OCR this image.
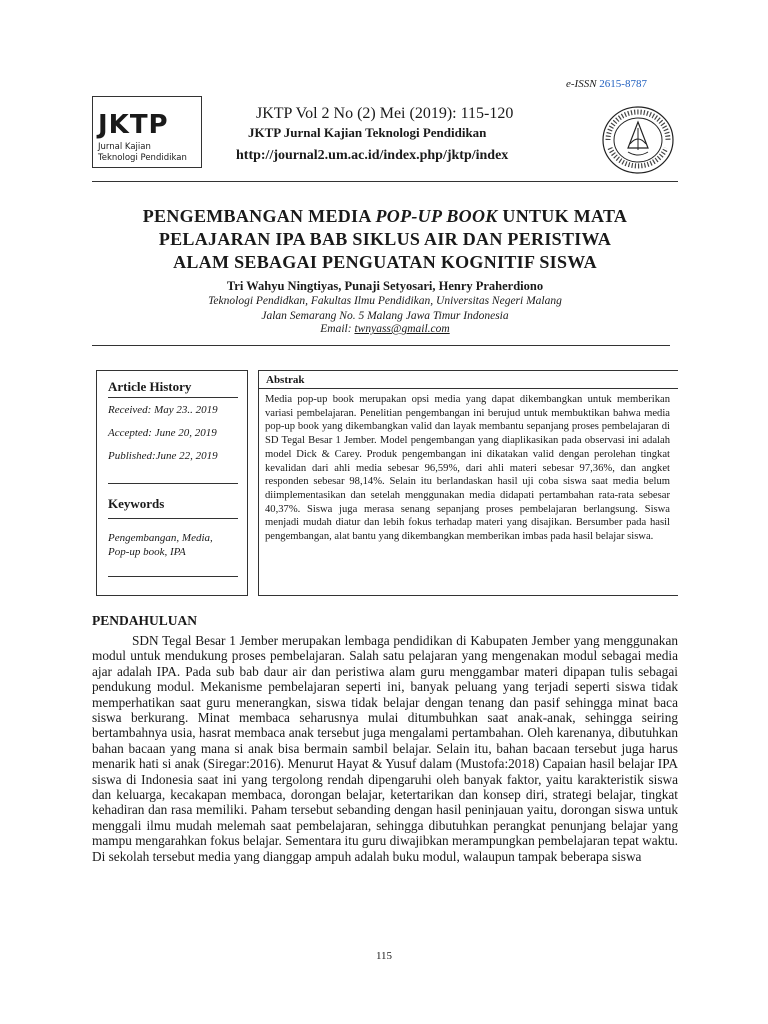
e-ISSN 2615-8787
JKTP
Jurnal Kajian
Teknologi Pendidikan
JKTP Vol 2 No (2) Mei (2019): 115-120
JKTP Jurnal Kajian Teknologi Pendidikan
http://journal2.um.ac.id/index.php/jktp/index
PENGEMBANGAN MEDIA POP-UP BOOK UNTUK MATA
PELAJARAN IPA BAB SIKLUS AIR DAN PERISTIWA
ALAM SEBAGAI PENGUATAN KOGNITIF SISWA
Tri Wahyu Ningtiyas, Punaji Setyosari, Henry Praherdiono
Teknologi Pendidkan, Fakultas Ilmu Pendidikan, Universitas Negeri Malang
Jalan Semarang No. 5 Malang Jawa Timur Indonesia
Email: twnyass@gmail.com
Article History
Received: May 23.. 2019
Accepted: June 20, 2019
Published:June 22, 2019
Keywords
Pengembangan, Media,
Pop-up book, IPA
Abstrak
Media pop-up book merupakan opsi media yang dapat dikembangkan untuk memberikan variasi pembelajaran. Penelitian pengembangan ini berujud untuk membuktikan bahwa media pop-up book yang dikembangkan valid dan layak membantu sepanjang proses pembelajaran di SD Tegal Besar 1 Jember. Model pengembangan yang diaplikasikan pada observasi ini adalah model Dick & Carey. Produk pengembangan ini dikatakan valid dengan perolehan tingkat kevalidan dari ahli media sebesar 96,59%, dari ahli materi sebesar 97,36%, dan angket responden sebesar 98,14%. Selain itu berlandaskan hasil uji coba siswa saat media belum diimplementasikan dan setelah menggunakan media didapati pertambahan rata-rata sebesar 40,37%. Siswa juga merasa senang sepanjang proses pembelajaran berlangsung. Siswa menjadi mudah diatur dan lebih fokus terhadap materi yang disajikan. Bersumber pada hasil pengembangan, alat bantu yang dikembangkan memberikan imbas pada hasil belajar siswa.
PENDAHULUAN

SDN Tegal Besar 1 Jember merupakan lembaga pendidikan di Kabupaten Jember yang menggunakan modul untuk mendukung proses pembelajaran. Salah satu pelajaran yang mengenakan modul sebagai media ajar adalah IPA. Pada sub bab daur air dan peristiwa alam guru menggambar materi dipapan tulis sebagai pendukung modul. Mekanisme pembelajaran seperti ini, banyak peluang yang terjadi seperti siswa tidak memperhatikan saat guru menerangkan, siswa tidak belajar dengan tenang dan pasif sehingga minat baca siswa berkurang. Minat membaca seharusnya mulai ditumbuhkan saat anak-anak, sehingga seiring bertambahnya usia, hasrat membaca anak tersebut juga mengalami pertambahan. Oleh karenanya, dibutuhkan bahan bacaan yang mana si anak bisa bermain sambil belajar. Selain itu, bahan bacaan tersebut juga harus menarik hati si anak (Siregar:2016). Menurut Hayat & Yusuf dalam (Mustofa:2018) Capaian hasil belajar IPA siswa di Indonesia saat ini yang tergolong rendah dipengaruhi oleh banyak faktor, yaitu karakteristik siswa dan keluarga, kecakapan membaca, dorongan belajar, ketertarikan dan konsep diri, strategi belajar, tingkat kehadiran dan rasa memiliki. Paham tersebut sebanding dengan hasil peninjauan yaitu, dorongan siswa untuk menggali ilmu mudah melemah saat pembelajaran, sehingga dibutuhkan perangkat penunjang belajar yang mampu mengarahkan fokus belajar. Sementara itu guru diwajibkan merampungkan pembelajaran tepat waktu. Di sekolah tersebut media yang dianggap ampuh adalah buku modul, walaupun tampak beberapa siswa

115
